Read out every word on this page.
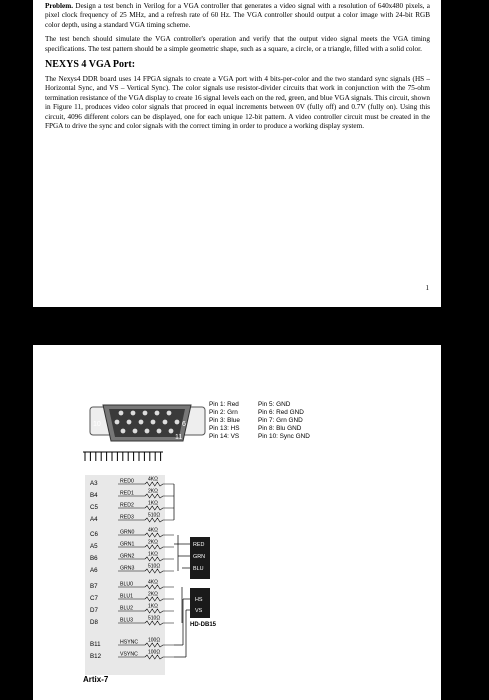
Problem. Design a test bench in Verilog for a VGA controller that generates a video signal with a resolution of 640x480 pixels, a pixel clock frequency of 25 MHz, and a refresh rate of 60 Hz. The VGA controller should output a color image with 24-bit RGB color depth, using a standard VGA timing scheme.

The test bench should simulate the VGA controller's operation and verify that the output video signal meets the VGA timing specifications. The test pattern should be a simple geometric shape, such as a square, a circle, or a triangle, filled with a solid color.

NEXYS 4 VGA Port:

The Nexys4 DDR board uses 14 FPGA signals to create a VGA port with 4 bits-per-color and the two standard sync signals (HS – Horizontal Sync, and VS – Vertical Sync). The color signals use resistor-divider circuits that work in conjunction with the 75-ohm termination resistance of the VGA display to create 16 signal levels each on the red, green, and blue VGA signals. This circuit, shown in Figure 11, produces video color signals that proceed in equal increments between 0V (fully off) and 0.7V (fully on). Using this circuit, 4096 different colors can be displayed, one for each unique 12-bit pattern. A video controller circuit must be created in the FPGA to drive the sync and color signals with the correct timing in order to produce a working display system.

1
10	6
11
A3	RED0	4KΩ
B4	RED1	2KΩ
C5	RED2	1KΩ
A4	RED3	510Ω
C6	GRN0	4KΩ
A5	GRN1	2KΩ
B6	GRN2	1KΩ
A6	GRN3	510Ω
B7	BLU0	4KΩ
C7	BLU1	2KΩ
D7	BLU2	1KΩ
D8	BLU3	510Ω
B11	HSYNC 100Ω
B12	VSYNC 100Ω
RED
GRN
BLU
HS
VS
HD-DB15
Artix-7
Pin 1: Red
Pin 2: Grn
Pin 3: Blue
Pin 13: HS
Pin 14: VS
Pin 5: GND
Pin 6: Red GND
Pin 7: Grn GND
Pin 8: Blu GND
Pin 10: Sync GND
